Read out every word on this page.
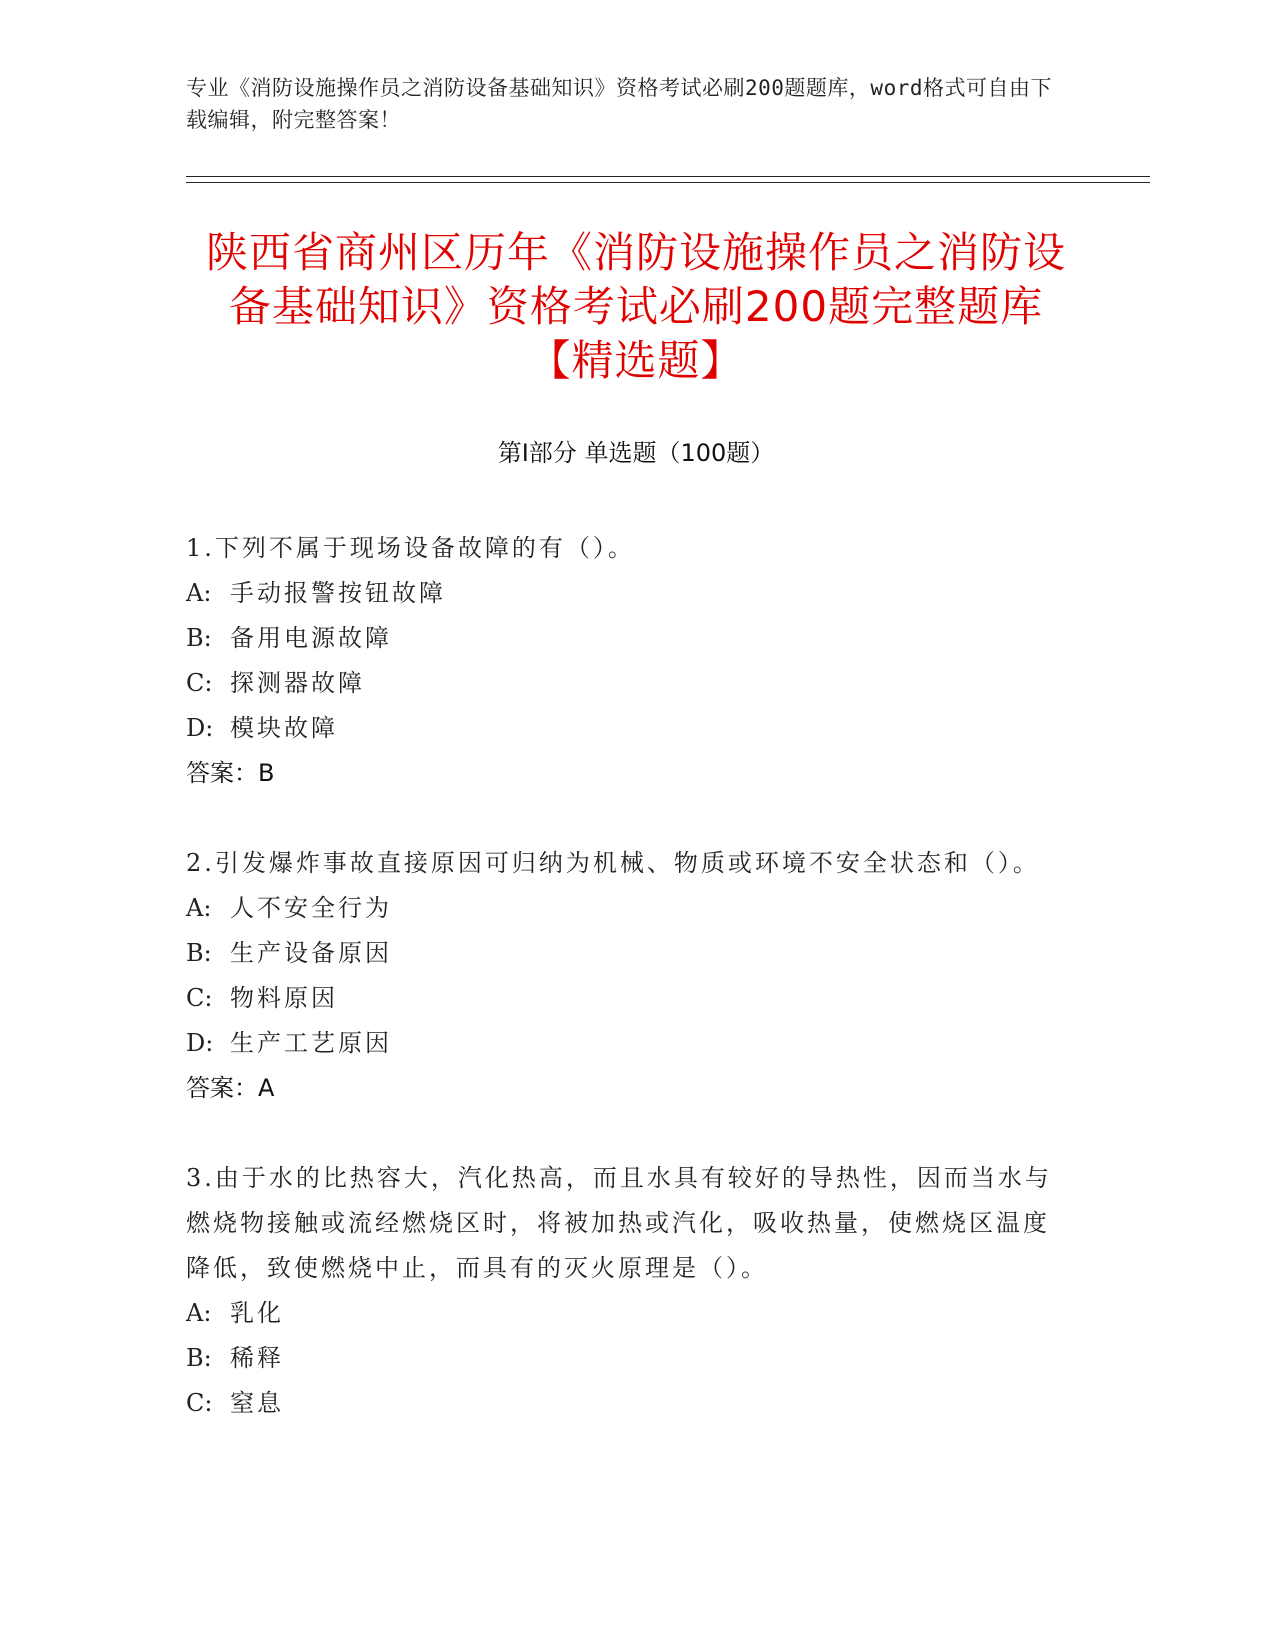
专业《消防设施操作员之消防设备基础知识》资格考试必刷200题题库，word格式可自由下载编辑，附完整答案！
陕西省商州区历年《消防设施操作员之消防设备基础知识》资格考试必刷200题完整题库【精选题】
第Ⅰ部分 单选题（100题）

1.下列不属于现场设备故障的有（）。

A: 手动报警按钮故障
B: 备用电源故障
C: 探测器故障
D: 模块故障
答案：B

2.引发爆炸事故直接原因可归纳为机械、物质或环境不安全状态和（）。

A: 人不安全行为
B: 生产设备原因
C: 物料原因
D: 生产工艺原因
答案：A

3.由于水的比热容大，汽化热高，而且水具有较好的导热性，因而当水与燃烧物接触或流经燃烧区时，将被加热或汽化，吸收热量，使燃烧区温度降低，致使燃烧中止，而具有的灭火原理是（）。

A: 乳化
B: 稀释
C: 窒息
